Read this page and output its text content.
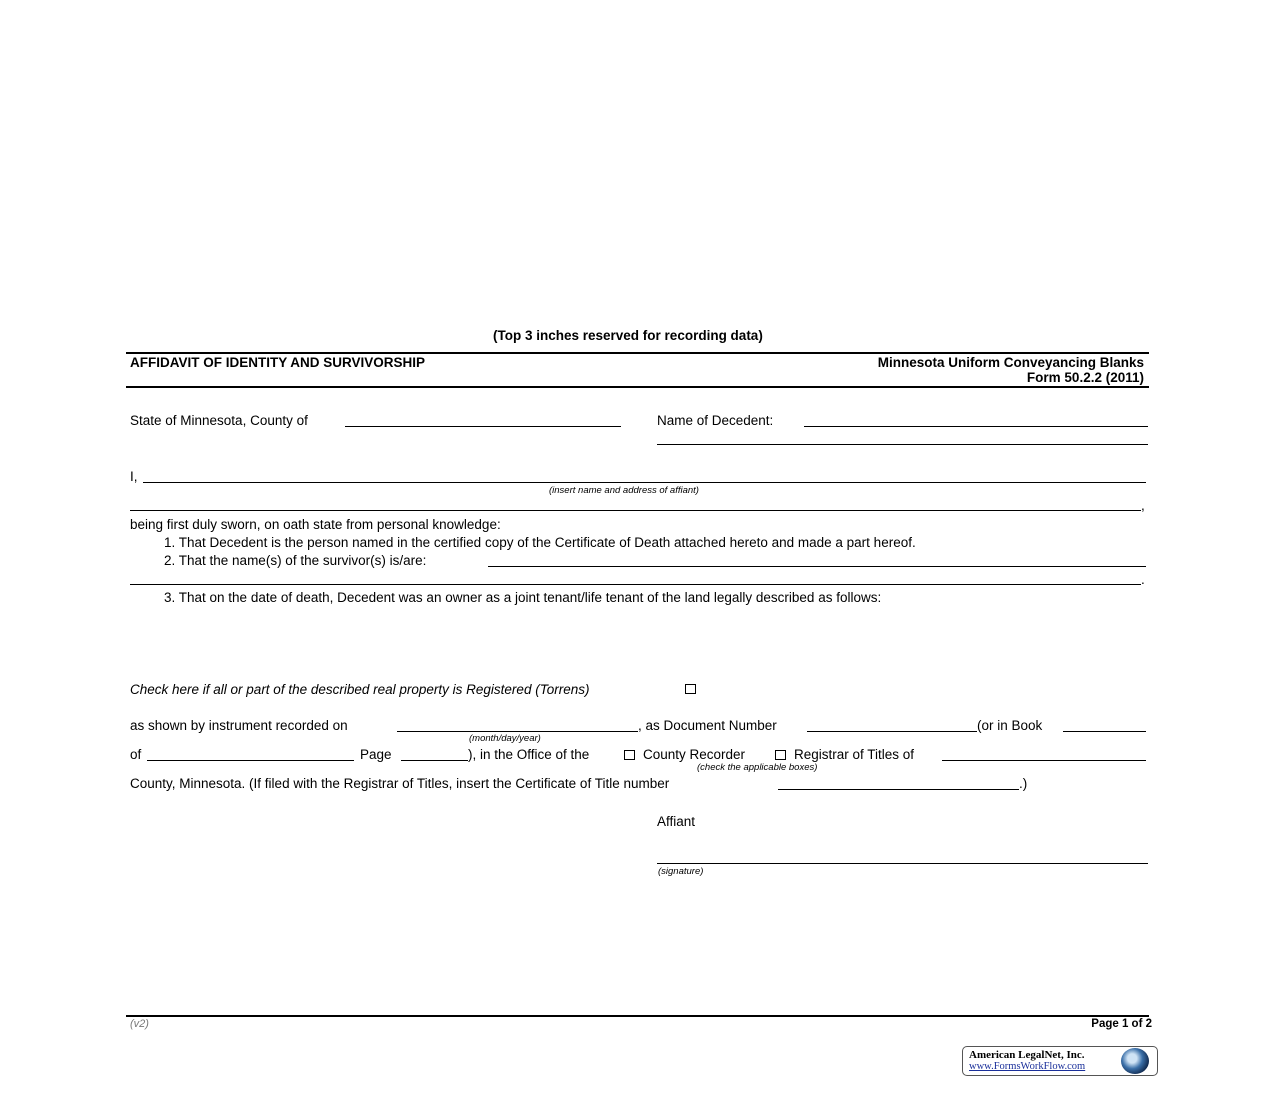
(Top 3 inches reserved for recording data)
AFFIDAVIT OF IDENTITY AND SURVIVORSHIP	Minnesota Uniform Conveyancing Blanks
Form 50.2.2 (2011)
State of Minnesota, County of	Name of Decedent:
I,
(insert name and address of affiant)
,
being first duly sworn, on oath state from personal knowledge:
1. That Decedent is the person named in the certified copy of the Certificate of Death attached hereto and made a part hereof.
2. That the name(s) of the survivor(s) is/are:
.
3. That on the date of death, Decedent was an owner as a joint tenant/life tenant of the land legally described as follows:
Check here if all or part of the described real property is Registered (Torrens)
as shown by instrument recorded on
(month/day/year)
, as Document Number	(or in Book
of	Page	), in the Office of the	County Recorder	Registrar of Titles of
(check the applicable boxes)
County, Minnesota. (If filed with the Registrar of Titles, insert the Certificate of Title number	.)
Affiant
(signature)
(v2)	Page 1 of 2
American LegalNet, Inc.
www.FormsWorkFlow.com
